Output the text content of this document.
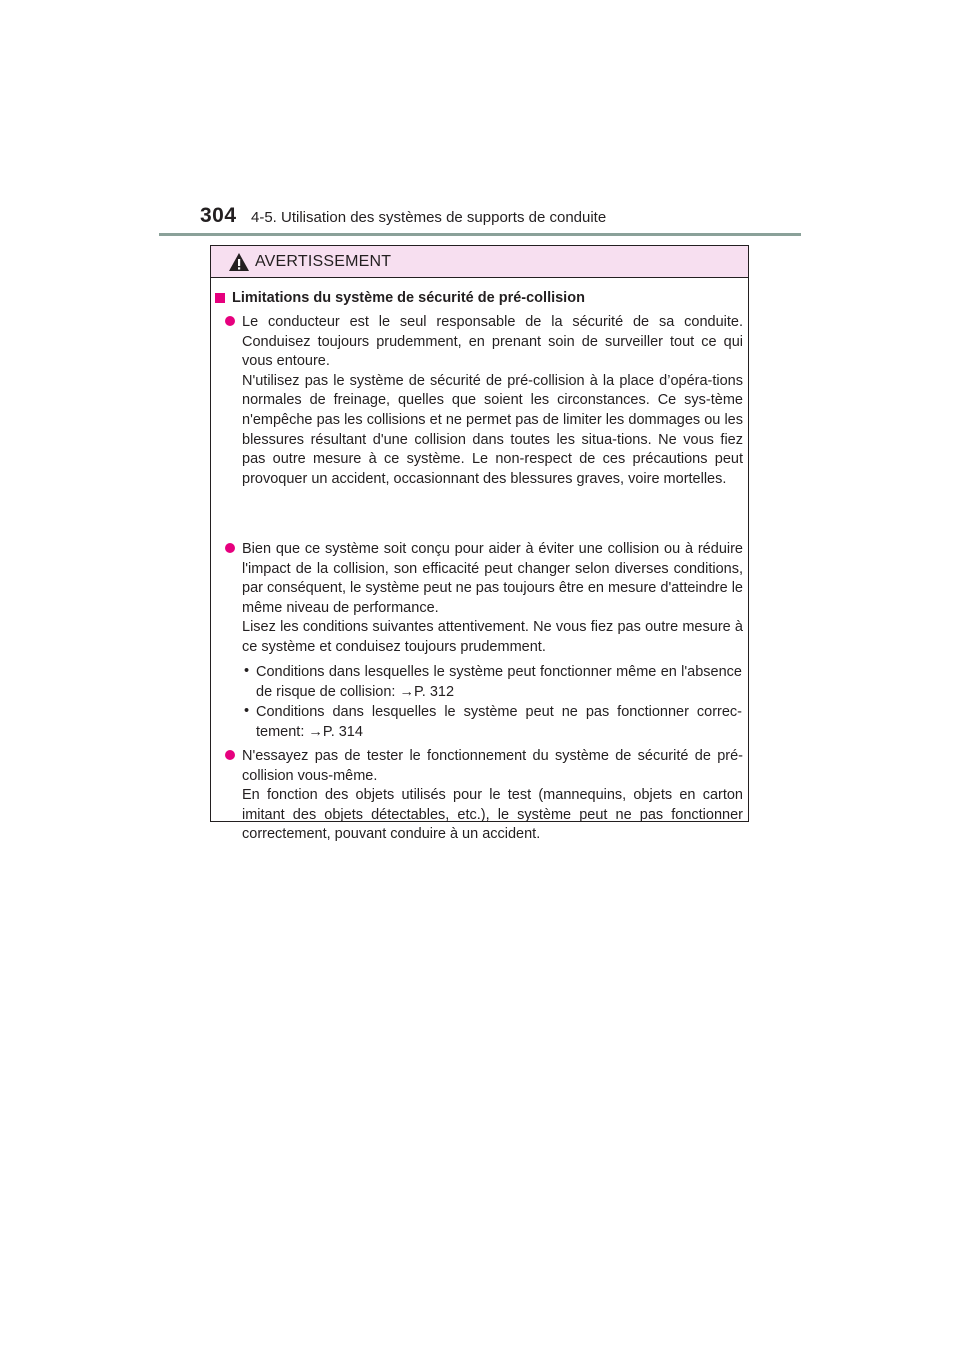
304 4-5. Utilisation des systèmes de supports de conduite
AVERTISSEMENT
Limitations du système de sécurité de pré-collision

Le conducteur est le seul responsable de la sécurité de sa conduite. Conduisez toujours prudemment, en prenant soin de surveiller tout ce qui vous entoure.

N'utilisez pas le système de sécurité de pré-collision à la place d’opéra-tions normales de freinage, quelles que soient les circonstances. Ce sys-tème n'empêche pas les collisions et ne permet pas de limiter les dommages ou les blessures résultant d'une collision dans toutes les situa-tions. Ne vous fiez pas outre mesure à ce système. Le non-respect de ces précautions peut provoquer un accident, occasionnant des blessures graves, voire mortelles.

Bien que ce système soit conçu pour aider à éviter une collision ou à réduire l'impact de la collision, son efficacité peut changer selon diverses conditions, par conséquent, le système peut ne pas toujours être en mesure d'atteindre le même niveau de performance.

Lisez les conditions suivantes attentivement. Ne vous fiez pas outre mesure à ce système et conduisez toujours prudemment.

• Conditions dans lesquelles le système peut fonctionner même en l'absence de risque de collision: →P. 312
• Conditions dans lesquelles le système peut ne pas fonctionner correc-tement: →P. 314

N'essayez pas de tester le fonctionnement du système de sécurité de pré-collision vous-même.

En fonction des objets utilisés pour le test (mannequins, objets en carton imitant des objets détectables, etc.), le système peut ne pas fonctionner correctement, pouvant conduire à un accident.
